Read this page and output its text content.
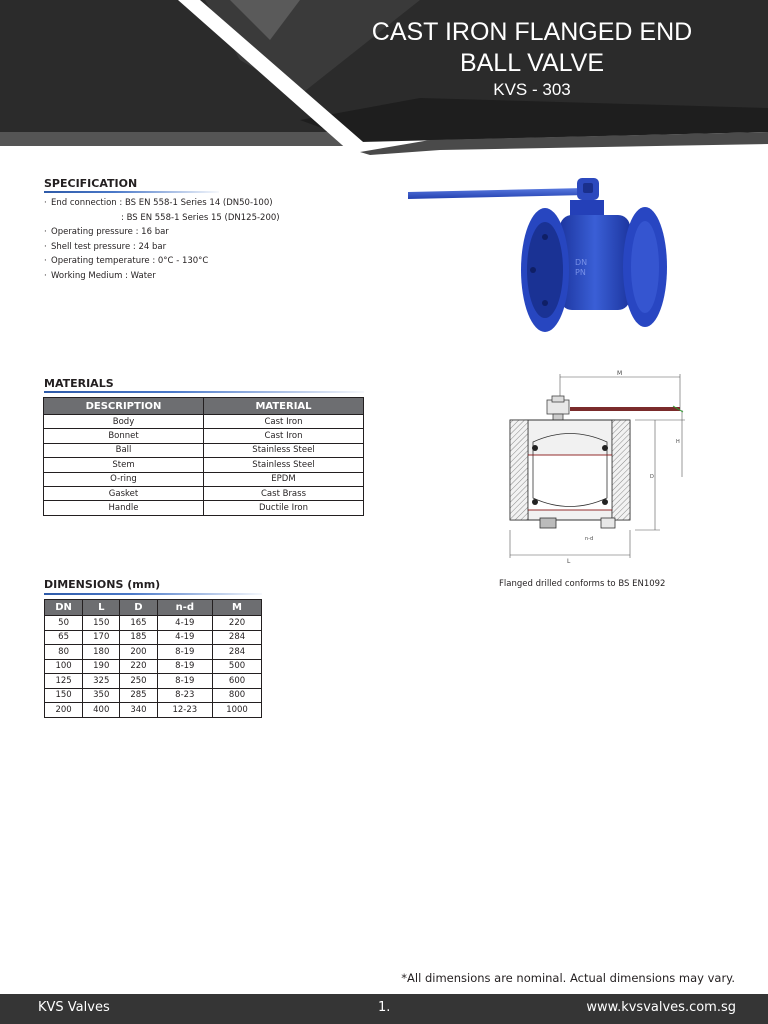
CAST IRON FLANGED END
BALL VALVE
KVS - 303
SPECIFICATION
· End connection : BS EN 558-1 Series 14 (DN50-100)
: BS EN 558-1 Series 15 (DN125-200)
· Operating pressure : 16 bar
· Shell test pressure : 24 bar
· Operating temperature : 0°C - 130°C
· Working Medium : Water
DN
PN
MATERIALS
DESCRIPTION	MATERIAL
Body	Cast Iron
Bonnet	Cast Iron
Ball	Stainless Steel
Stem	Stainless Steel
O-ring	EPDM
Gasket	Cast Brass
Handle	Ductile Iron
M
L
H
D
n-d
Flanged drilled conforms to BS EN1092
DIMENSIONS (mm)
DN	L	D	n-d	M
50	150	165	4-19	220
65	170	185	4-19	284
80	180	200	8-19	284
100	190	220	8-19	500
125	325	250	8-19	600
150	350	285	8-23	800
200	400	340	12-23	1000
*All dimensions are nominal. Actual dimensions may vary.
KVS Valves	1.	www.kvsvalves.com.sg
